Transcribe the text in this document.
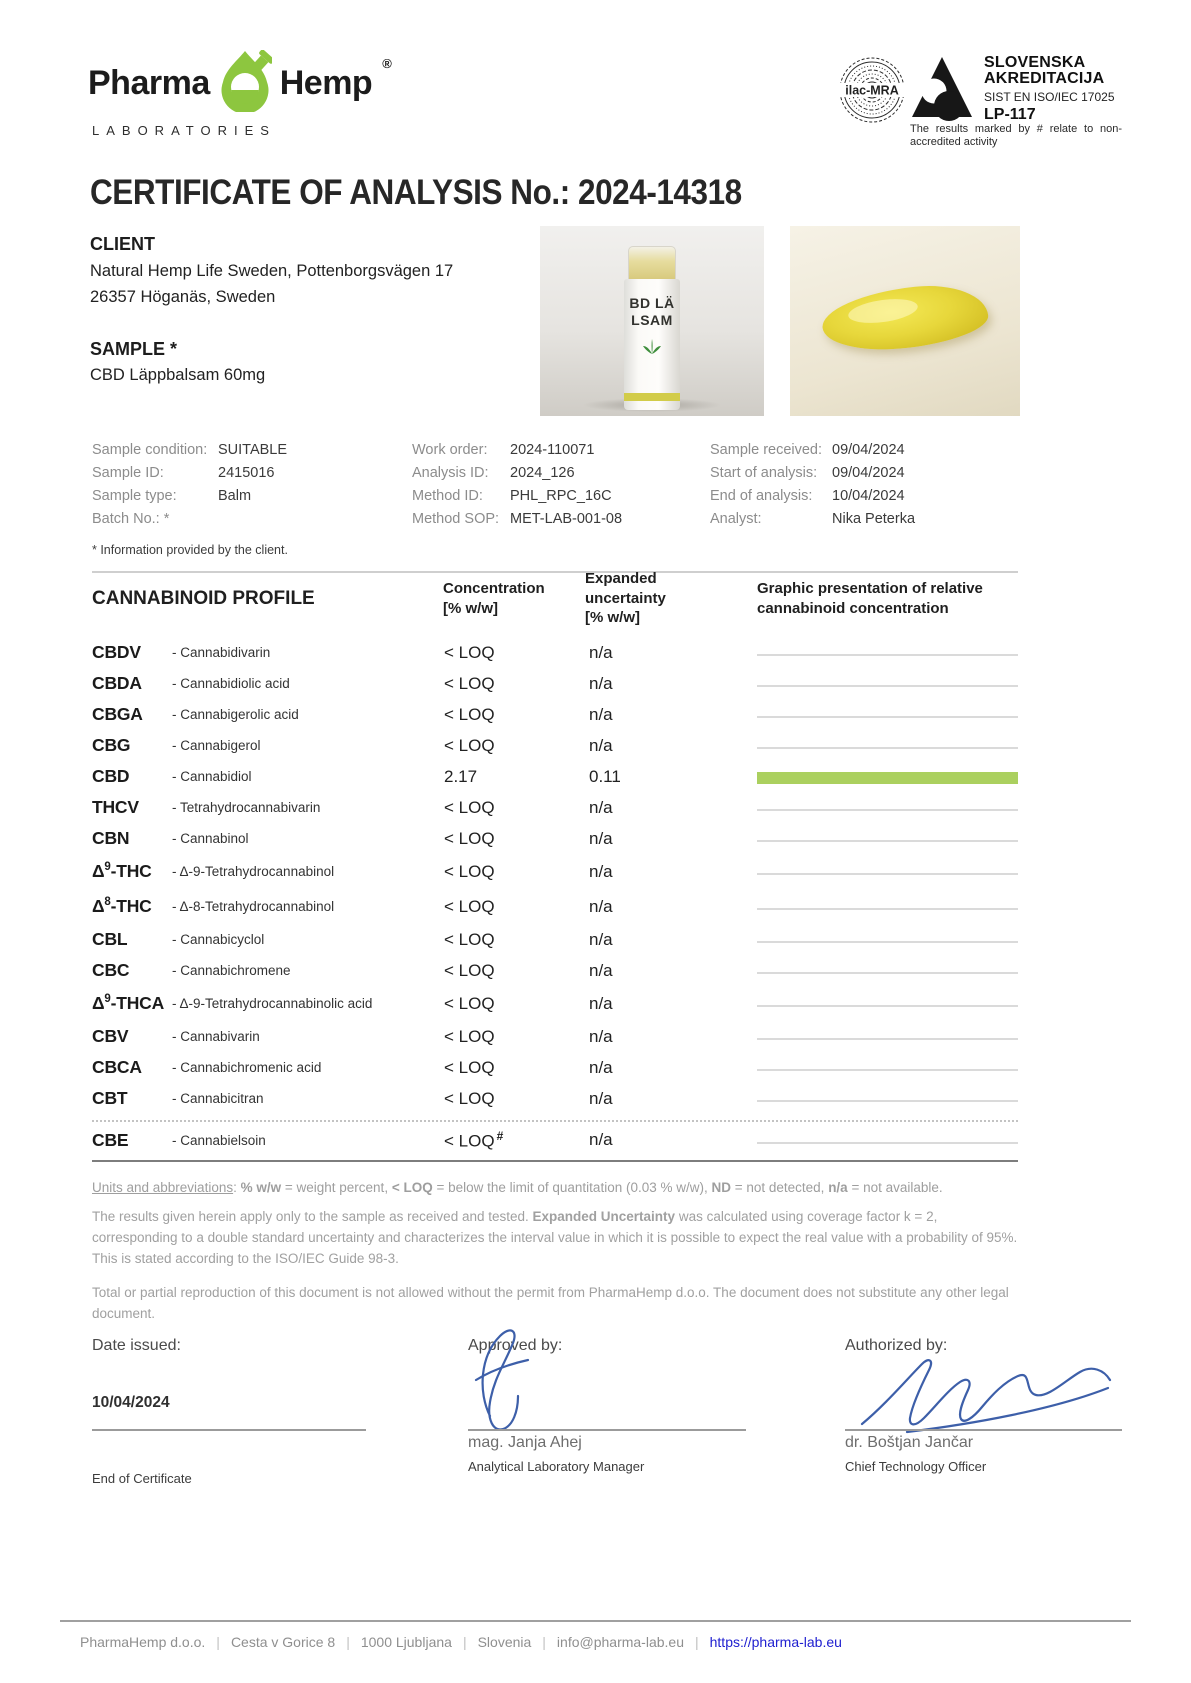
Pharma Hemp
®
LABORATORIES
ilac-MRA
SLOVENSKA
AKREDITACIJA
SIST EN ISO/IEC 17025
LP-117
The results marked by # relate to non-accredited activity
CERTIFICATE OF ANALYSIS No.: 2024-14318
CLIENT
Natural Hemp Life Sweden, Pottenborgsvägen 17
26357 Höganäs, Sweden
SAMPLE *
CBD Läppbalsam 60mg
BD LÄ
LSAM
Sample condition: SUITABLE
Sample ID:	2415016
Sample type:	Balm
Batch No.: *
Work order:	2024-110071
Analysis ID:	2024_126
Method ID:	PHL_RPC_16C
Method SOP: MET-LAB-001-08
Sample received: 09/04/2024
Start of analysis:	09/04/2024
End of analysis:	10/04/2024
Analyst:	Nika Peterka
* Information provided by the client.
CANNABINOID PROFILE	Concentration
[% w/w]
Expanded
uncertainty
[% w/w]
Graphic presentation of relative
cannabinoid concentration
CBDV	- Cannabidivarin	< LOQ	n/a
CBDA	- Cannabidiolic acid	< LOQ	n/a
CBGA	- Cannabigerolic acid	< LOQ	n/a
CBG	- Cannabigerol	< LOQ	n/a
CBD	- Cannabidiol	2.17	0.11
THCV	- Tetrahydrocannabivarin	< LOQ	n/a
CBN	- Cannabinol	< LOQ	n/a
$\Delta^9$-THC	- Δ-9-Tetrahydrocannabinol	< LOQ	n/a
$\Delta^8$-THC	- Δ-8-Tetrahydrocannabinol	< LOQ	n/a
CBL	- Cannabicyclol	< LOQ	n/a
CBC	- Cannabichromene	< LOQ	n/a
$\Delta^9$-THCA - Δ-9-Tetrahydrocannabinolic acid	< LOQ	n/a
CBV	- Cannabivarin	< LOQ	n/a
CBCA	- Cannabichromenic acid	< LOQ	n/a
CBT	- Cannabicitran	< LOQ	n/a
CBE	- Cannabielsoin	< LOQ #	n/a
Units and abbreviations: % w/w = weight percent, < LOQ = below the limit of quantitation (0.03 % w/w), ND = not detected, n/a = not available.

The results given herein apply only to the sample as received and tested. Expanded Uncertainty was calculated using coverage factor k = 2, corresponding to a double standard uncertainty and characterizes the interval value in which it is possible to expect the real value with a probability of 95%. This is stated according to the ISO/IEC Guide 98-3.

Total or partial reproduction of this document is not allowed without the permit from PharmaHemp d.o.o. The document does not substitute any other legal document.

Date issued:	Approved by:	Authorized by:
10/04/2024
mag. Janja Ahej	dr. Boštjan Jančar
Analytical Laboratory Manager	Chief Technology Officer
End of Certificate
PharmaHemp d.o.o. | Cesta v Gorice 8 | 1000 Ljubljana | Slovenia | info@pharma-lab.eu | https://pharma-lab.eu
